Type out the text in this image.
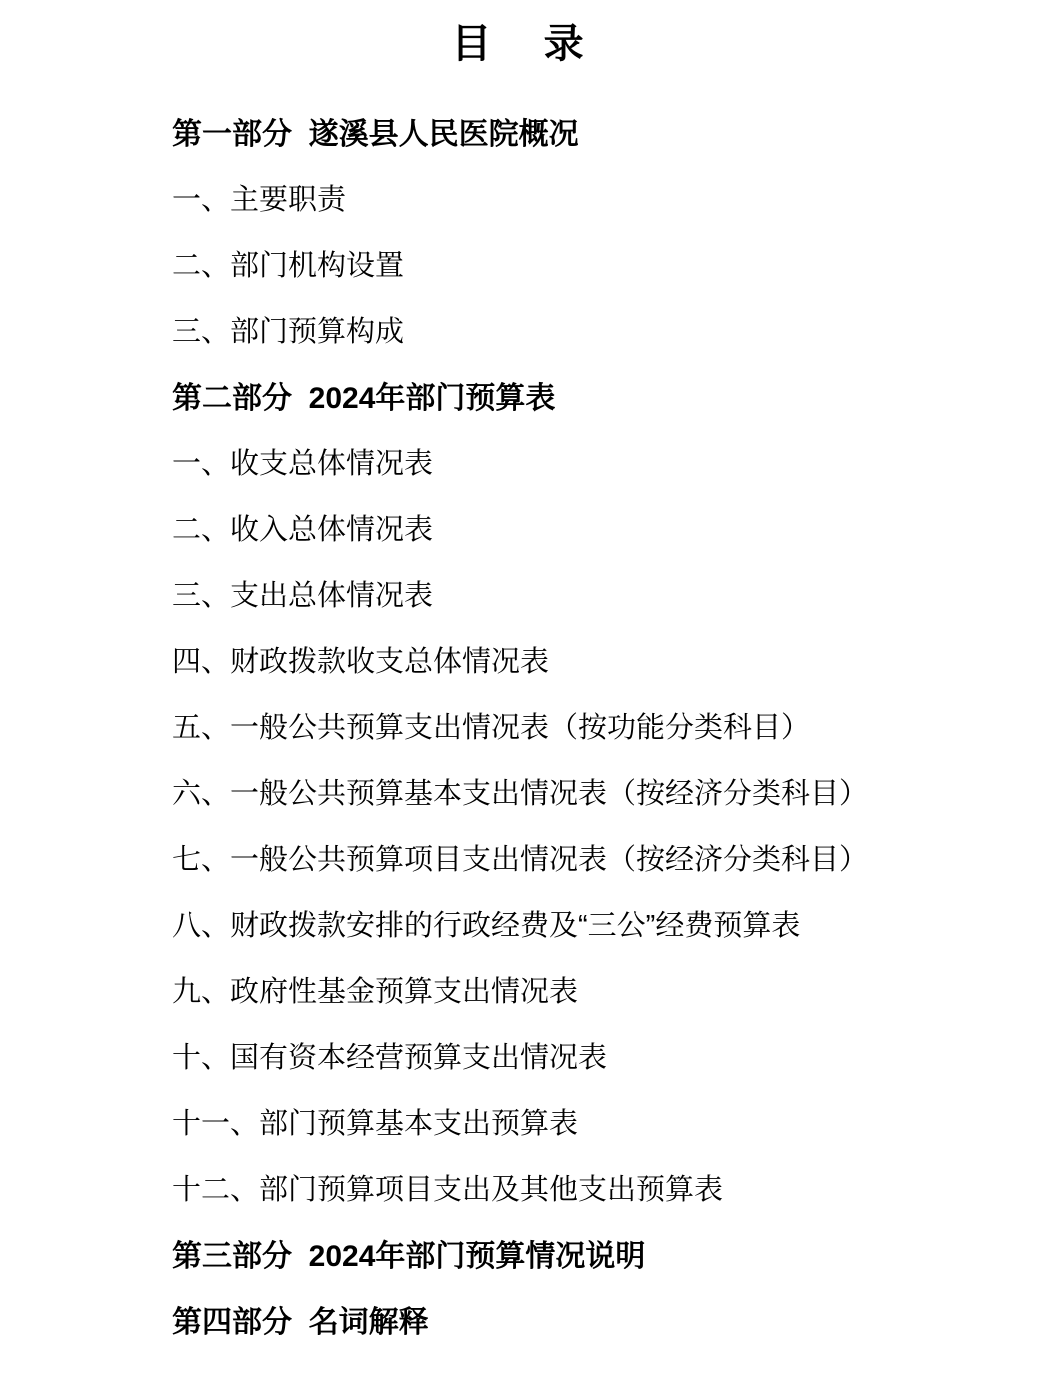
目  录
第一部分  遂溪县人民医院概况
一、主要职责
二、部门机构设置
三、部门预算构成
第二部分  2024年部门预算表
一、收支总体情况表
二、收入总体情况表
三、支出总体情况表
四、财政拨款收支总体情况表
五、一般公共预算支出情况表（按功能分类科目）
六、一般公共预算基本支出情况表（按经济分类科目）
七、一般公共预算项目支出情况表（按经济分类科目）
八、财政拨款安排的行政经费及“三公”经费预算表
九、政府性基金预算支出情况表
十、国有资本经营预算支出情况表
十一、部门预算基本支出预算表
十二、部门预算项目支出及其他支出预算表
第三部分  2024年部门预算情况说明
第四部分  名词解释
